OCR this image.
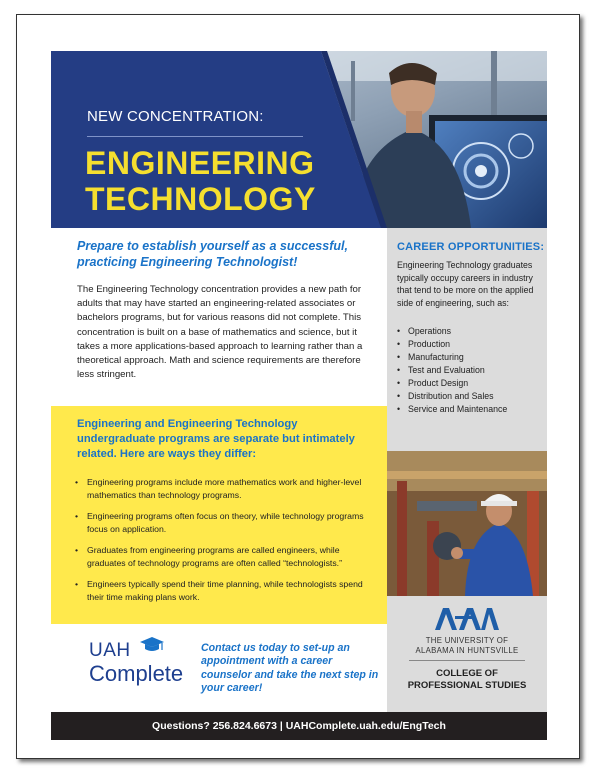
NEW CONCENTRATION:
ENGINEERING
TECHNOLOGY
Prepare to establish yourself as a successful, practicing Engineering Technologist!
The Engineering Technology concentration provides a new path for adults that may have started an engineering-related associates or bachelors programs, but for various reasons did not complete. This concentration is built on a base of mathematics and science, but it takes a more applications-based approach to learning rather than a theoretical approach. Math and science requirements are therefore less stringent.
Engineering and Engineering Technology undergraduate programs are separate but intimately related. Here are ways they differ:
• Engineering programs include more mathematics work and higher-level mathematics than technology programs.
• Engineering programs often focus on theory, while technology programs focus on application.
• Graduates from engineering programs are called engineers, while graduates of technology programs are often called “technologists.”
• Engineers typically spend their time planning, while technologists spend their time making plans work.
UAH
Complete
Contact us today to set-up an appointment with a career counselor and take the next step in your career!
CAREER OPPORTUNITIES:
Engineering Technology graduates typically occupy careers in industry that tend to be more on the applied side of engineering, such as:
• Operations
• Production
• Manufacturing
• Test and Evaluation
• Product Design
• Distribution and Sales
• Service and Maintenance
THE UNIVERSITY OF
ALABAMA IN HUNTSVILLE
COLLEGE OF
PROFESSIONAL STUDIES
Questions? 256.824.6673 | UAHComplete.uah.edu/EngTech
